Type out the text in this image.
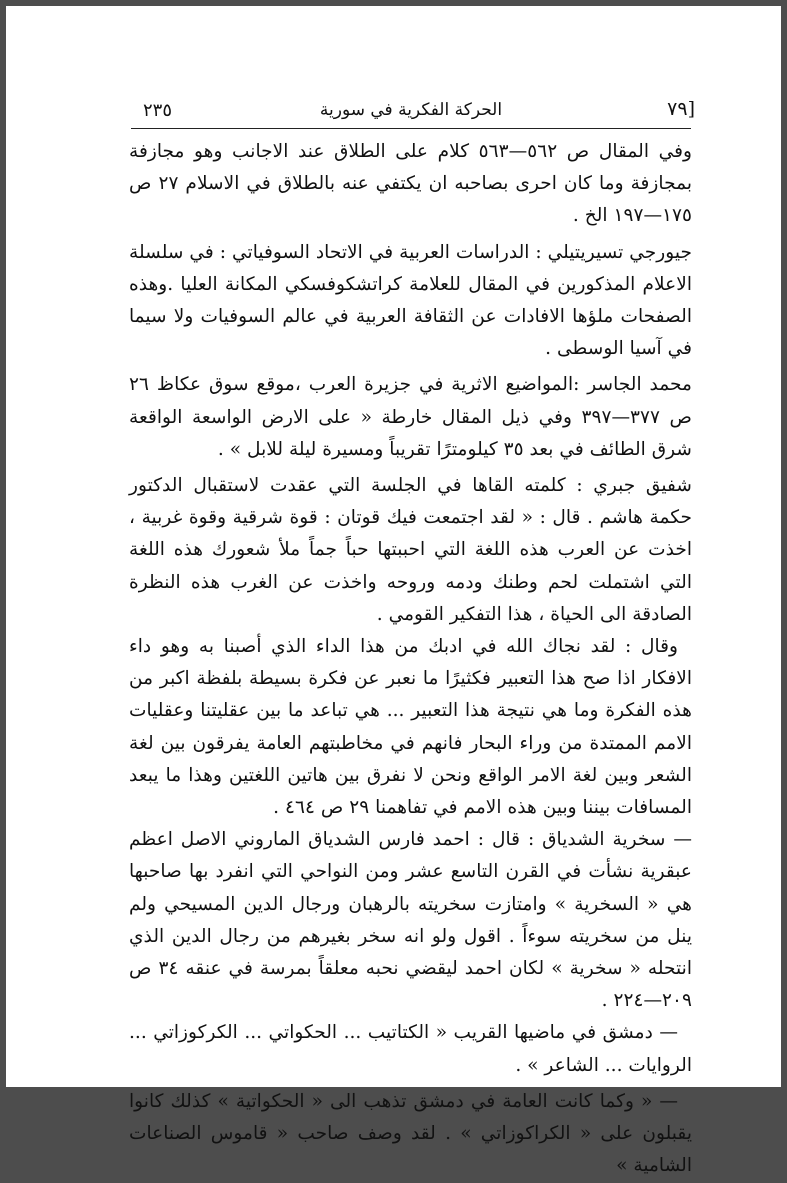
٢٣٥	الحركة الفكرية في سورية	٧٩]

وفي المقال ص ٥٦٢—٥٦٣ كلام على الطلاق عند الاجانب وهو مجازفة بمجازفة وما كان احرى بصاحبه ان يكتفي عنه بالطلاق في الاسلام ٢٧ ص ١٧٥—١٩٧ الخ .

جيورجي تسيريتيلي : الدراسات العربية في الاتحاد السوفياتي : في سلسلة الاعلام المذكورين في المقال للعلامة كراتشكوفسكي المكانة العليا .وهذه الصفحات ملؤها الافادات عن الثقافة العربية في عالم السوفيات ولا سيما في آسيا الوسطى .

محمد الجاسر :المواضيع الاثرية في جزيرة العرب ،موقع سوق عكاظ ٢٦ ص ٣٧٧—٣٩٧ وفي ذيل المقال خارطة « على الارض الواسعة الواقعة شرق الطائف في بعد ٣٥ كيلومترًا تقريباً ومسيرة ليلة للابل » .

شفيق جبري : كلمته القاها في الجلسة التي عقدت لاستقبال الدكتور حكمة هاشم . قال : « لقد اجتمعت فيك قوتان : قوة شرقية وقوة غربية ، اخذت عن العرب هذه اللغة التي احببتها حباً جماً ملأ شعورك هذه اللغة التي اشتملت لحم وطنك ودمه وروحه واخذت عن الغرب هذه النظرة الصادقة الى الحياة ، هذا التفكير القومي .

وقال : لقد نجاك الله في ادبك من هذا الداء الذي أصبنا به وهو داء الافكار اذا صح هذا التعبير فكثيرًا ما نعبر عن فكرة بسيطة بلفظة اكبر من هذه الفكرة وما هي نتيجة هذا التعبير ... هي تباعد ما بين عقليتنا وعقليات الامم الممتدة من وراء البحار فانهم في مخاطبتهم العامة يفرقون بين لغة الشعر وبين لغة الامر الواقع ونحن لا نفرق بين هاتين اللغتين وهذا ما يبعد المسافات بيننا وبين هذه الامم في تفاهمنا ٢٩ ص ٤٦٤ .

— سخرية الشدياق : قال : احمد فارس الشدياق الماروني الاصل اعظم عبقرية نشأت في القرن التاسع عشر ومن النواحي التي انفرد بها صاحبها هي « السخرية » وامتازت سخريته بالرهبان ورجال الدين المسيحي ولم ينل من سخريته سوءاً . اقول ولو انه سخر بغيرهم من رجال الدين الذي انتحله « سخرية » لكان احمد ليقضي نحبه معلقاً بمرسة في عنقه ٣٤ ص ٢٠٩—٢٢٤ .

— دمشق في ماضيها القريب « الكتاتيب ... الحكواتي ... الكركوزاتي ... الروايات ... الشاعر » .

— « وكما كانت العامة في دمشق تذهب الى « الحكواتية » كذلك كانوا يقبلون على « الكراكوزاتي » . لقد وصف صاحب « قاموس الصناعات الشامية »
